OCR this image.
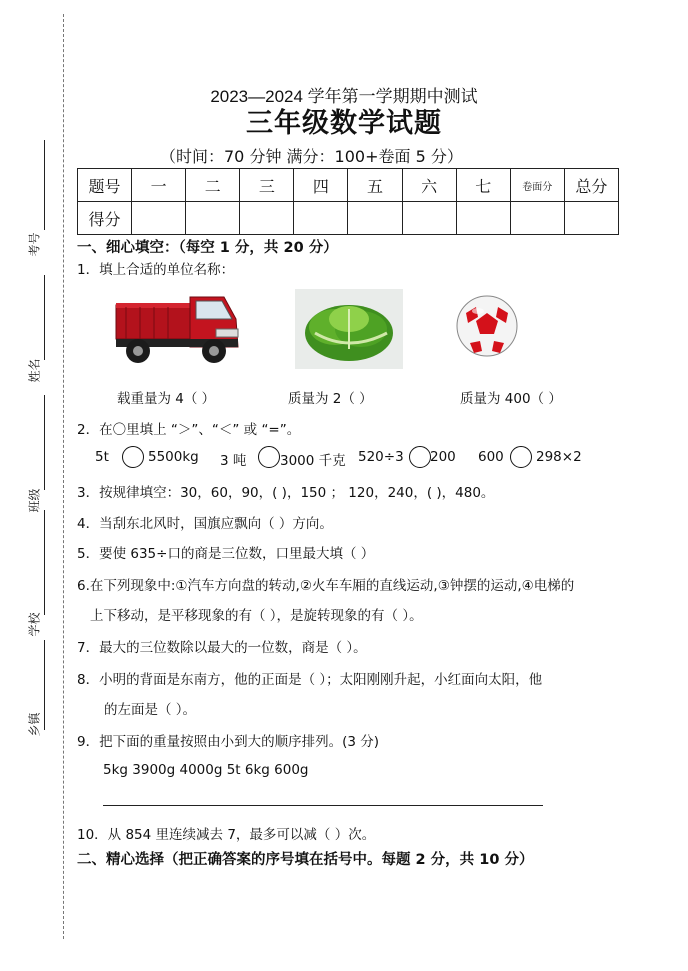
考号
姓名
班级
学校
乡镇
2023—2024 学年第一学期期中测试
三年级数学试题
（时间：70 分钟 满分：100+卷面 5 分）
题号	一	二	三	四	五	六	七	卷面分	总分
得分									
一、细心填空：（每空 1 分，共 20 分）
1．填上合适的单位名称：
载重量为 4（ ）	质量为 2（ ）	质量为 400（ ）
2．在〇里填上 “＞”、“＜” 或 “=”。
5t	5500kg 3 吨 3000 千克 520÷3 200 600 298×2
3．按规律填空：30，60，90，( )，150 ； 120，240，( )，480。
4．当刮东北风时，国旗应飘向（ ）方向。
5．要使 635÷口的商是三位数，口里最大填（ ）
6.在下列现象中:①汽车方向盘的转动,②火车车厢的直线运动,③钟摆的运动,④电梯的
上下移动，是平移现象的有（ ），是旋转现象的有（ ）。
7．最大的三位数除以最大的一位数，商是（ ）。
8．小明的背面是东南方，他的正面是（ ）；太阳刚刚升起，小红面向太阳，他
的左面是（ ）。
9．把下面的重量按照由小到大的顺序排列。(3 分)
5kg 3900g 4000g 5t 6kg 600g
10．从 854 里连续减去 7，最多可以减（ ）次。
二、精心选择（把正确答案的序号填在括号中。每题 2 分，共 10 分）
